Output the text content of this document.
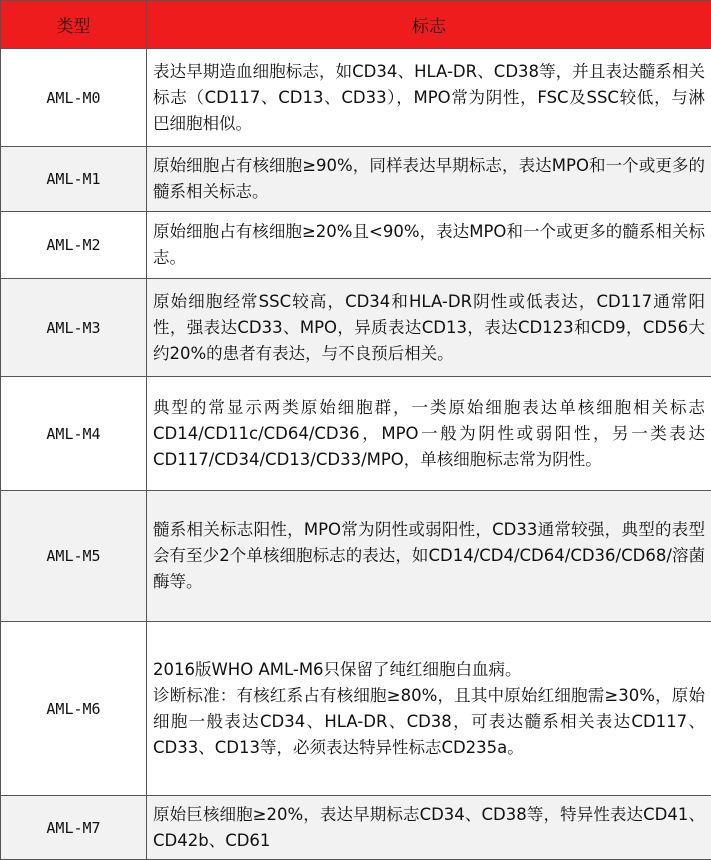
类型	标志
AML-M0	表达早期造血细胞标志，如CD34、HLA-DR、CD38等，并且表达髓系相关标志（CD117、CD13、CD33），MPO常为阴性，FSC及SSC较低，与淋巴细胞相似。

AML-M1	原始细胞占有核细胞≥90%，同样表达早期标志，表达MPO和一个或更多的髓系相关标志。

AML-M2	原始细胞占有核细胞≥20%且<90%，表达MPO和一个或更多的髓系相关标志。

AML-M3	原始细胞经常SSC较高，CD34和HLA-DR阴性或低表达，CD117通常阳性，强表达CD33、MPO，异质表达CD13，表达CD123和CD9，CD56大约20%的患者有表达，与不良预后相关。

AML-M4	典型的常显示两类原始细胞群，一类原始细胞表达单核细胞相关标志CD14/CD11c/CD64/CD36，MPO一般为阴性或弱阳性，另一类表达CD117/CD34/CD13/CD33/MPO，单核细胞标志常为阴性。

AML-M5	髓系相关标志阳性，MPO常为阴性或弱阳性，CD33通常较强，典型的表型会有至少2个单核细胞标志的表达，如CD14/CD4/CD64/CD36/CD68/溶菌酶等。

AML-M6	2016版WHO AML-M6只保留了纯红细胞白血病。
诊断标准：有核红系占有核细胞≥80%，且其中原始红细胞需≥30%，原始细胞一般表达CD34、HLA-DR、CD38，可表达髓系相关表达CD117、CD33、CD13等，必须表达特异性标志CD235a。

AML-M7	原始巨核细胞≥20%，表达早期标志CD34、CD38等，特异性表达CD41、CD42b、CD61
